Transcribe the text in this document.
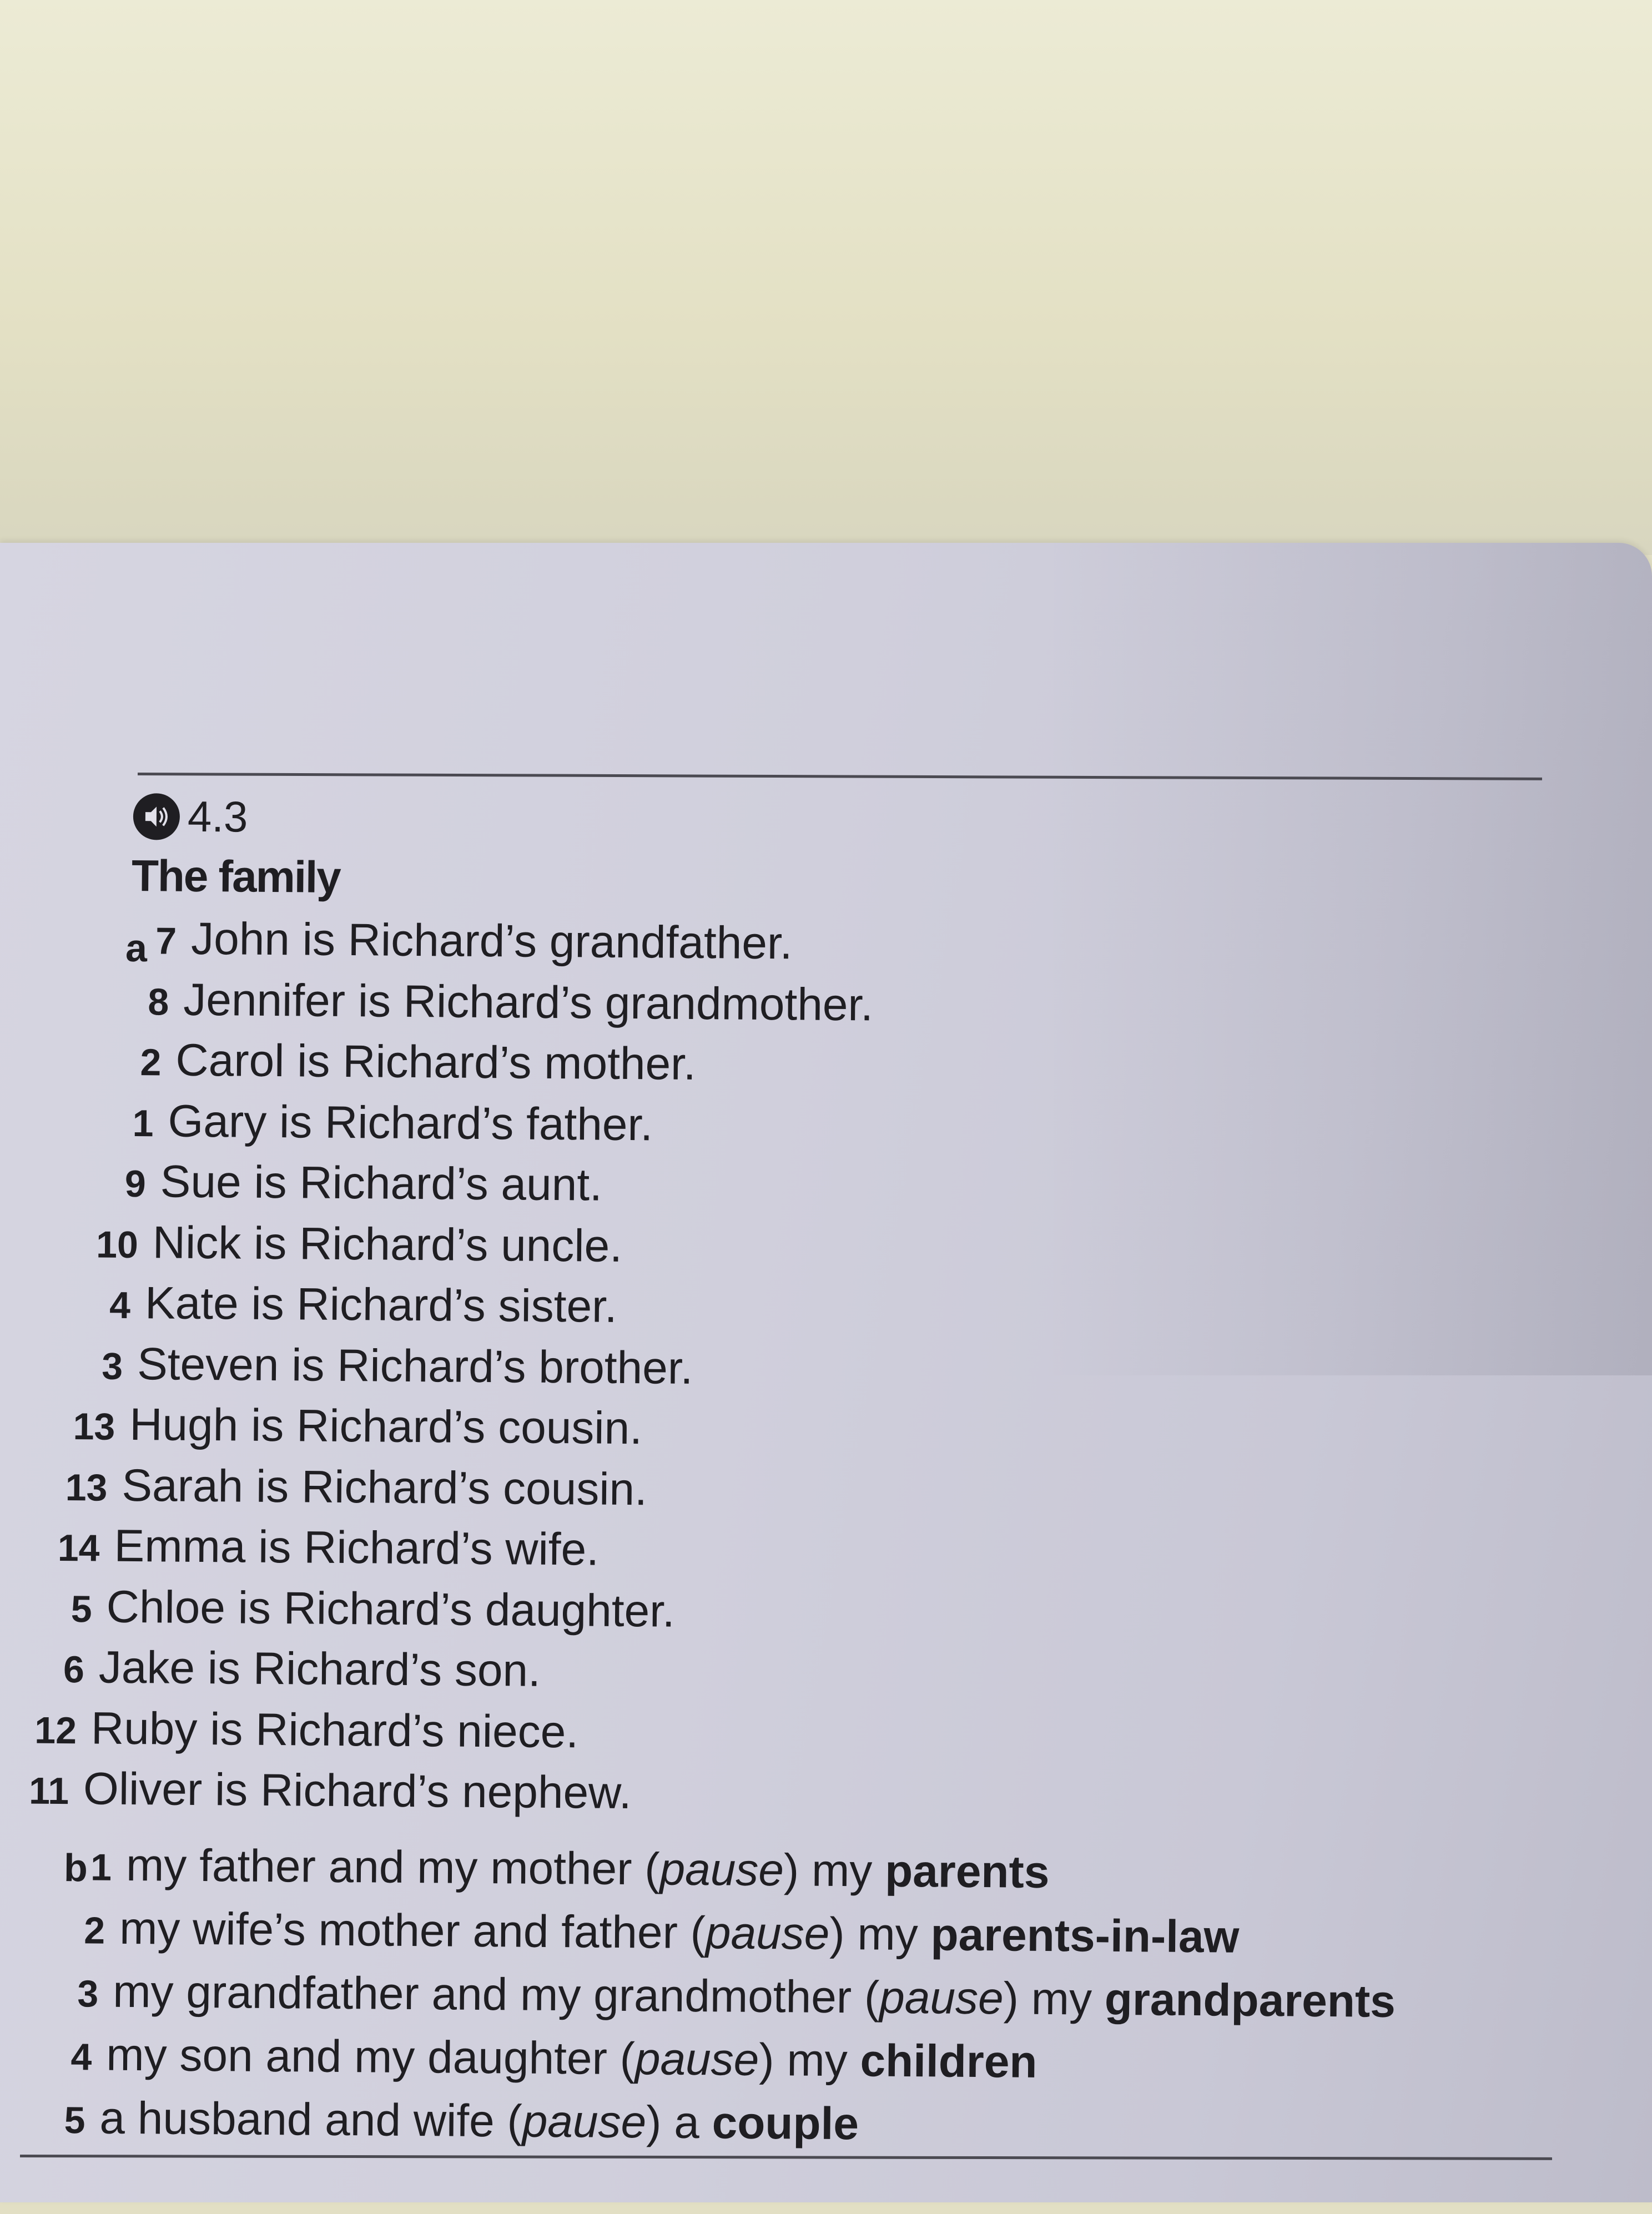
4.3
The family
a 7 John is Richard’s grandfather.
8 Jennifer is Richard’s grandmother.
2 Carol is Richard’s mother.
1 Gary is Richard’s father.
9 Sue is Richard’s aunt.
10 Nick is Richard’s uncle.
4 Kate is Richard’s sister.
3 Steven is Richard’s brother.
13 Hugh is Richard’s cousin.
13 Sarah is Richard’s cousin.
14 Emma is Richard’s wife.
5 Chloe is Richard’s daughter.
6 Jake is Richard’s son.
12 Ruby is Richard’s niece.
11 Oliver is Richard’s nephew.
b 1 my father and my mother (pause) my parents
2 my wife’s mother and father (pause) my parents-in-law
3 my grandfather and my grandmother (pause) my grandparents
4 my son and my daughter (pause) my children
5 a husband and wife (pause) a couple
